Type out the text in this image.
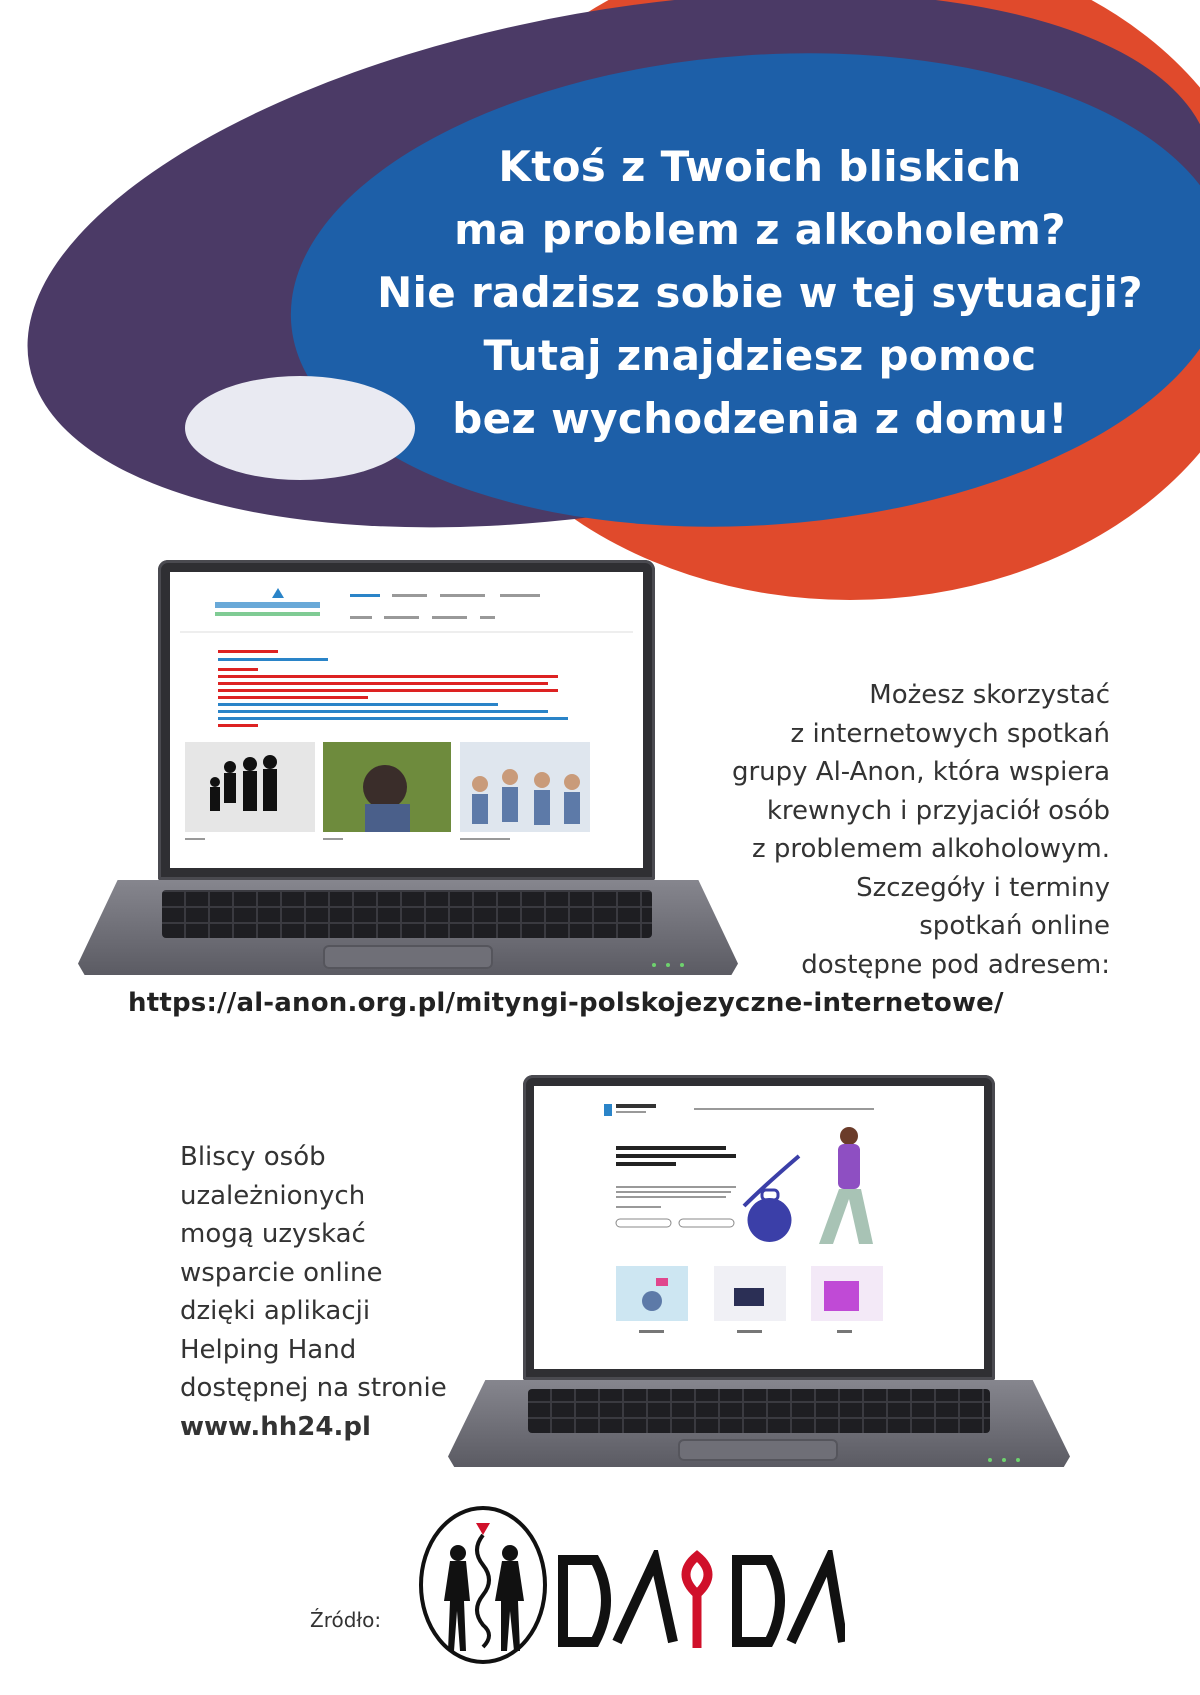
Ktoś z Twoich bliskich
ma problem z alkoholem?
Nie radzisz sobie w tej sytuacji?
Tutaj znajdziesz pomoc
bez wychodzenia z domu!
Możesz skorzystać
z internetowych spotkań
grupy Al-Anon, która wspiera
krewnych i przyjaciół osób
z problemem alkoholowym.
Szczegóły i terminy
spotkań online
dostępne pod adresem:
https://al-anon.org.pl/mityngi-polskojezyczne-internetowe/
Bliscy osób
uzależnionych
mogą uzyskać
wsparcie online
dzięki aplikacji
Helping Hand
dostępnej na stronie
www.hh24.pl
Źródło:
PARPA
